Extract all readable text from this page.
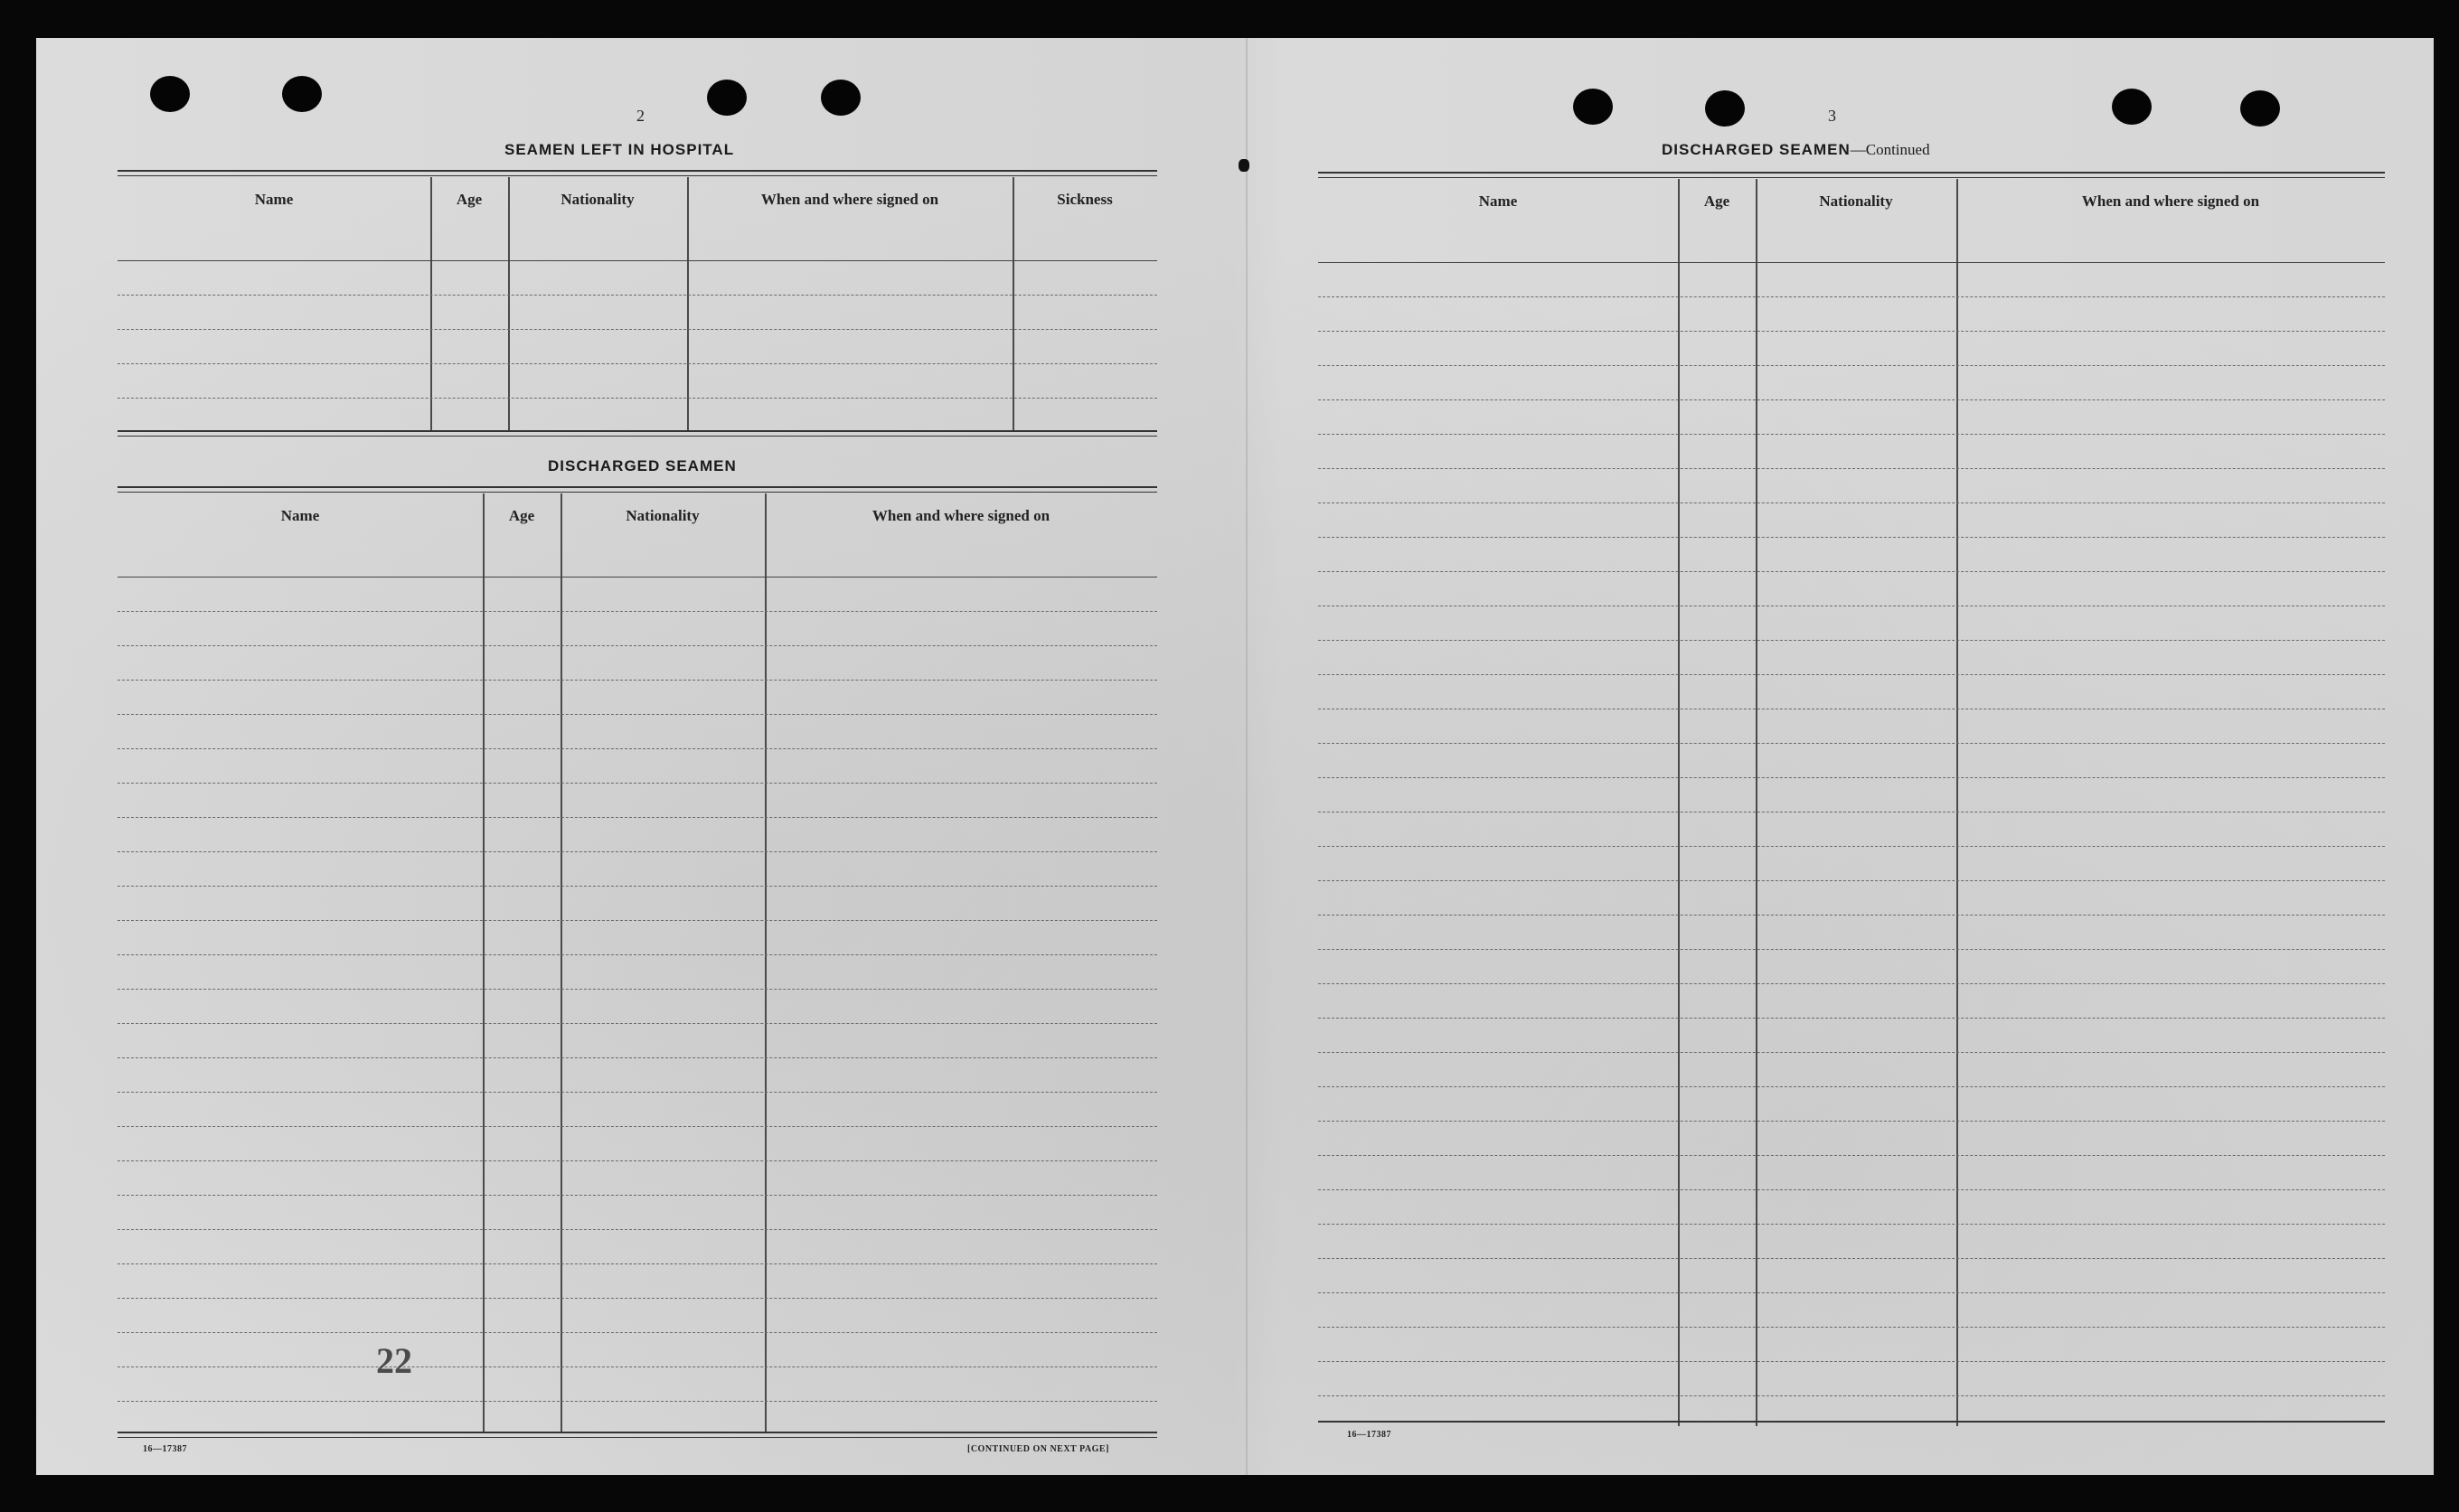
2
SEAMEN LEFT IN HOSPITAL
Name	Age	Nationality	When and where signed on	Sickness
DISCHARGED SEAMEN
Name	Age	Nationality	When and where signed on
22
16—17387	[CONTINUED ON NEXT PAGE]
3
DISCHARGED SEAMEN—Continued
Name	Age	Nationality	When and where signed on
16—17387
